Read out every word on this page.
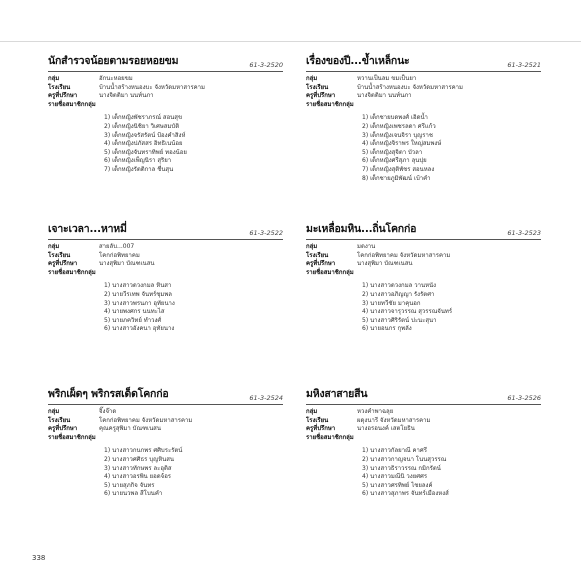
นักสำรวจน้อยตามรอยหอยขม	61-3-2520
กลุ่ม	ฮักนะหอยขม
โรงเรียน	บ้านน้ำสร้างหนองบะ จังหวัดมหาสารคาม
ครูที่ปรึกษา	นางจิตติมา นนท์นภา
รายชื่อสมาชิกกลุ่ม
1) เด็กหญิงพัชราภรณ์ สอนสุข
2) เด็กหญิงนิชิยา วิเศษสมบัติ
3) เด็กหญิงจรัสรัตน์ ป้องคำสิงห์
4) เด็กหญิงปภัสสร อิทธิเนน้อย
5) เด็กหญิงจันทราทิพย์ ทองน้อย
6) เด็กหญิงเพ็ญนิรา สุริยา
7) เด็กหญิงรัตติกาล ชื่นสุน
เรื่องของปี...ข้ำเหล็กนะ	61-3-2521
กลุ่ม	หวานเป็นลม ขมเป็นยา
โรงเรียน	บ้านน้ำสร้างหนองบะ จังหวัดมหาสารคาม
ครูที่ปรึกษา	นางจิตติมา นนท์นภา
รายชื่อสมาชิกกลุ่ม
1) เด็กชายบดพงศ์ เอิดน้ำ
2) เด็กหญิงเพชรลดา ศรีแก้ว
3) เด็กหญิงเจนจิรา บุญราช
4) เด็กหญิงจิราพร ใหญ่สมพงษ์
5) เด็กหญิงสุจิตา บัวลา
6) เด็กหญิงศรีสุภา ลุนปุย
7) เด็กหญิงสุติพัชร สอนหลง
8) เด็กชายภูมิพัฒน์ เบ้าคำ
เจาะเวลา...หาหมี่	61-3-2522
กลุ่ม	สายลับ...007
โรงเรียน	โคกก่อพิทยาคม
ครูที่ปรึกษา	นางสุพิมา บัณฑเนสน
รายชื่อสมาชิกกลุ่ม
1) นางสาวดวงกมล หินสา
2) นายวีรเทพ จันทร์ชุมพล
3) นางสาวพรนภา อุทัยนาง
4) นายพงศกร นนทะไส
5) นายภควิทย์ ทำวงศ์
6) นางสาวอังคนา อุทัยนาง
มะเหลื่อมหิน...ถิ่นโคกก่อ	61-3-2523
กลุ่ม	มดงาน
โรงเรียน	โคกก่อพิทยาคม จังหวัดมหาสารคาม
ครูที่ปรึกษา	นางสุพิมา บัณฑเนสน
รายชื่อสมาชิกกลุ่ม
1) นางสาวดวงกมล วานหนัง
2) นางสาวอภิญญา รังรัตศา
3) นายทวีชัย มาคุนอก
4) นางสาวจารุวรรณ สุวรรณจันทร์
5) นางสาวศิริรัตน์ ปะนะสุนา
6) นายอนกร กุพลัง
พริกเผ็ดๆ พริกรสเด็ดโคกก่อ	61-3-2524
กลุ่ม	จิ๊งจ๊าด
โรงเรียน	โคกก่อพิทยาคม จังหวัดมหาสารคาม
ครูที่ปรึกษา	คุณครูสุพิมา บัณฑเนสน
รายชื่อสมาชิกกลุ่ม
1) นางสาวกนกพร ศศิบระรัตน์
2) นางสาวศศิธร บุญหินสน
3) นางสาวทักษพร ละอุติส
4) นางสาวอรพิน ยอดจ้อร
5) นายสุภกิจ จันทร
6) นายนวพล สีโบนคำ
มหิงสาสายสีน	61-3-2526
กลุ่ม	หวงคำพาฉลุย
โรงเรียน	ผดุงนารี จังหวัดมหาสารคาม
ครูที่ปรึกษา	นางอรอนงค์ เสตโยธิน
รายชื่อสมาชิกกลุ่ม
1) นางสาวกัลยาณี คาศรี
2) นางสาวกาญจนา โนนสุวรรณ
3) นางสาวธิราวรรณ กมิกรัตน์
4) นางสาวมณีนิ วงยศศร
5) นางสาวศรทิพย์ ไชยลงค์
6) นางสาวสุภาพร จันทร์เมืองหงส์
338
